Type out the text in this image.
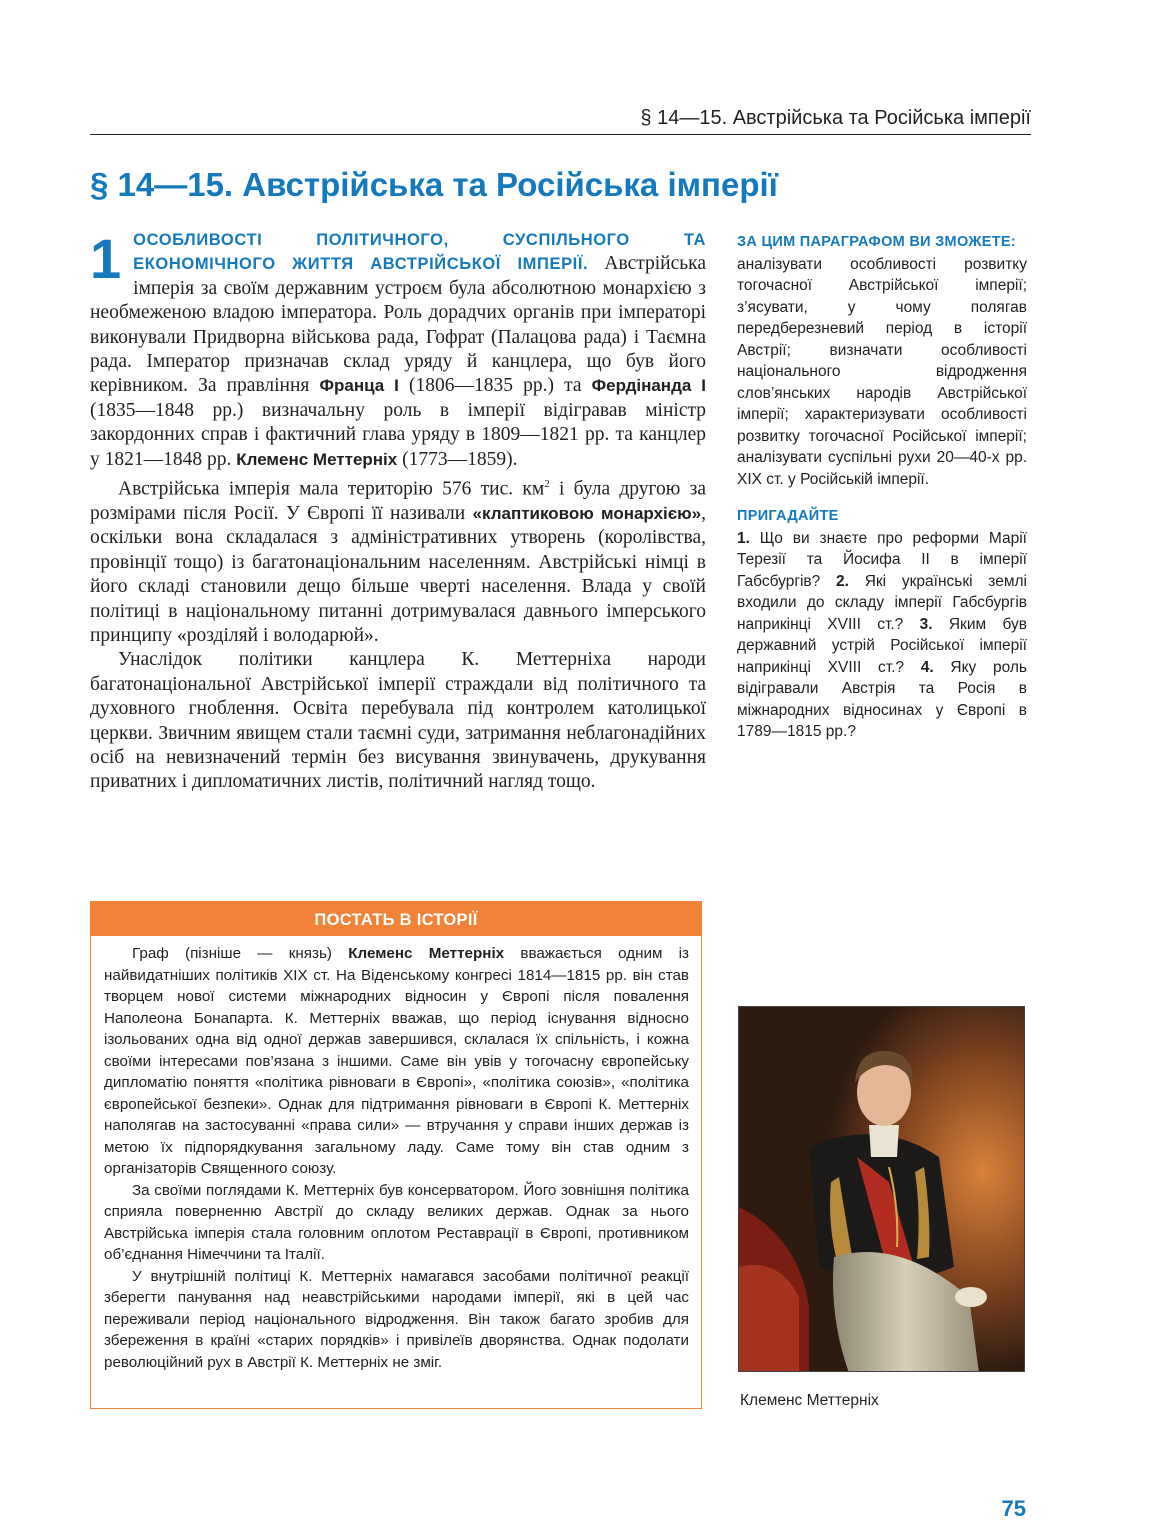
§ 14—15. Австрійська та Російська імперії
§ 14—15. Австрійська та Російська імперії

1 ОСОБЛИВОСТІ ПОЛІТИЧНОГО, СУСПІЛЬНОГО ТА ЕКОНОМІЧНОГО ЖИТТЯ АВСТРІЙСЬКОЇ ІМПЕРІЇ. Австрійська імперія за своїм державним устроєм була абсолютною монархією з необмеженою владою імператора. Роль дорадчих органів при імператорі виконували Придворна військова рада, Гофрат (Палацова рада) і Таємна рада. Імператор призначав склад уряду й канцлера, що був його керівником. За правління Франца I (1806—1835 рр.) та Фердінанда I (1835—1848 рр.) визначальну роль в імперії відігравав міністр закордонних справ і фактичний глава уряду в 1809—1821 рр. та канцлер у 1821—1848 рр. Клеменс Меттерніх (1773—1859).

Австрійська імперія мала територію 576 тис. $км^2$ і була другою за розмірами після Росії. У Європі її називали «клаптиковою монархією», оскільки вона складалася з адміністративних утворень (королівства, провінції тощо) із багатонаціональним населенням. Австрійські німці в його складі становили дещо більше чверті населення. Влада у своїй політиці в національному питанні дотримувалася давнього імперського принципу «розділяй і володарюй».

Унаслідок політики канцлера К. Меттерніха народи багатонаціональної Австрійської імперії страждали від політичного та духовного гноблення. Освіта перебувала під контролем католицької церкви. Звичним явищем стали таємні суди, затримання неблагонадійних осіб на невизначений термін без висування звинувачень, друкування приватних і дипломатичних листів, політичний нагляд тощо.

ЗА ЦИМ ПАРАГРАФОМ ВИ ЗМОЖЕТЕ:

аналізувати особливості розвитку тогочасної Австрійської імперії; з’ясувати, у чому полягав передберезневий період в історії Австрії; визначати особливості національного відродження слов’янських народів Австрійської імперії; характеризувати особливості розвитку тогочасної Російської імперії; аналізувати суспільні рухи 20—40-х рр. XIX ст. у Російській імперії.

ПРИГАДАЙТЕ

1. Що ви знаєте про реформи Марії Терезії та Йосифа II в імперії Габсбургів? 2. Які українські землі входили до складу імперії Габсбургів наприкінці XVIII ст.? 3. Яким був державний устрій Російської імперії наприкінці XVIII ст.? 4. Яку роль відігравали Австрія та Росія в міжнародних відносинах у Європі в 1789—1815 рр.?

ПОСТАТЬ В ІСТОРІЇ

Граф (пізніше — князь) Клеменс Меттерніх вважається одним із найвидатніших політиків XIX ст. На Віденському конгресі 1814—1815 рр. він став творцем нової системи міжнародних відносин у Європі після повалення Наполеона Бонапарта. К. Меттерніх вважав, що період існування відносно ізольованих одна від одної держав завершився, склалася їх спільність, і кожна своїми інтересами пов’язана з іншими. Саме він увів у тогочасну європейську дипломатію поняття «політика рівноваги в Європі», «політика союзів», «політика європейської безпеки». Однак для підтримання рівноваги в Європі К. Меттерніх наполягав на застосуванні «права сили» — втручання у справи інших держав із метою їх підпорядкування загальному ладу. Саме тому він став одним з організаторів Священного союзу.

За своїми поглядами К. Меттерніх був консерватором. Його зовнішня політика сприяла поверненню Австрії до складу великих держав. Однак за нього Австрійська імперія стала головним оплотом Реставрації в Європі, противником об’єднання Німеччини та Італії.

У внутрішній політиці К. Меттерніх намагався засобами політичної реакції зберегти панування над неавстрійськими народами імперії, які в цей час переживали період національного відродження. Він також багато зробив для збереження в країні «старих порядків» і привілеїв дворянства. Однак подолати революційний рух в Австрії К. Меттерніх не зміг.

Клеменс Меттерніх
75
